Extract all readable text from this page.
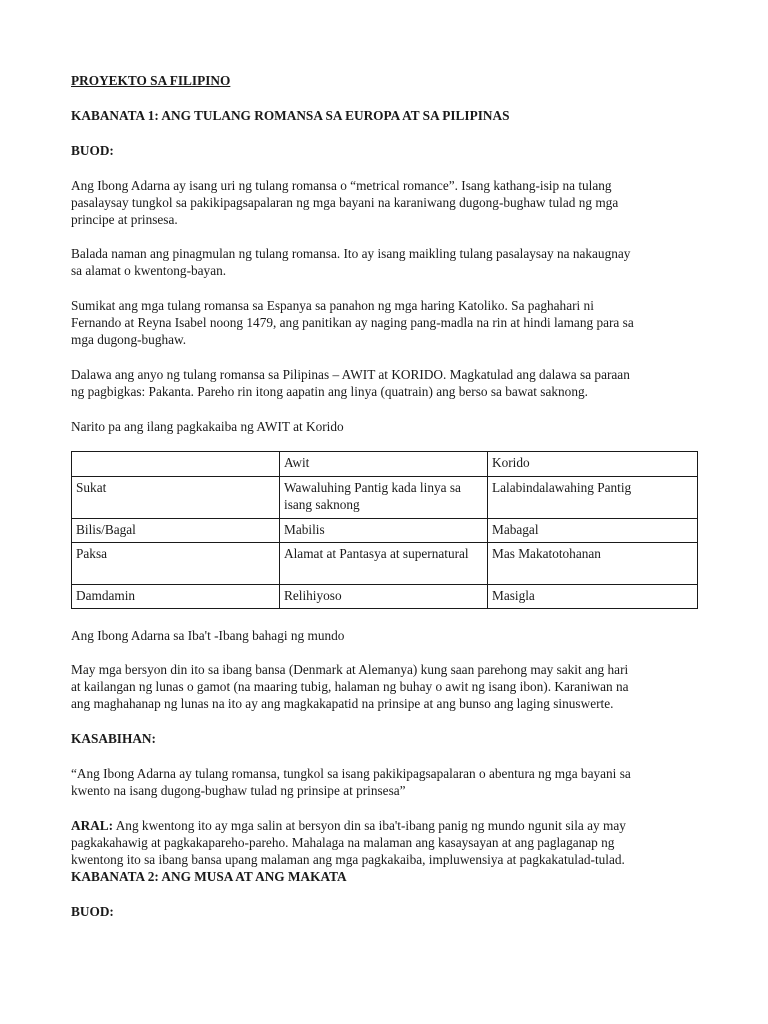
PROYEKTO SA FILIPINO

KABANATA 1: ANG TULANG ROMANSA SA EUROPA AT SA PILIPINAS

BUOD:

Ang Ibong Adarna ay isang uri ng tulang romansa o “metrical romance”. Isang kathang-isip na tulang

pasalaysay tungkol sa pakikipagsapalaran ng mga bayani na karaniwang dugong-bughaw tulad ng mga

principe at prinsesa.

Balada naman ang pinagmulan ng tulang romansa. Ito ay isang maikling tulang pasalaysay na nakaugnay

sa alamat o kwentong-bayan.

Sumikat ang mga tulang romansa sa Espanya sa panahon ng mga haring Katoliko. Sa paghahari ni

Fernando at Reyna Isabel noong 1479, ang panitikan ay naging pang-madla na rin at hindi lamang para sa

mga dugong-bughaw.

Dalawa ang anyo ng tulang romansa sa Pilipinas – AWIT at KORIDO. Magkatulad ang dalawa sa paraan

ng pagbigkas: Pakanta. Pareho rin itong aapatin ang linya (quatrain) ang berso sa bawat saknong.

Narito pa ang ilang pagkakaiba ng AWIT at Korido

	Awit	Korido
Sukat	Wawaluhing Pantig kada linya sa isang saknong	Lalabindalawahing Pantig
Bilis/Bagal	Mabilis	Mabagal
Paksa	Alamat at Pantasya at supernatural	Mas Makatotohanan
Damdamin	Relihiyoso	Masigla

Ang Ibong Adarna sa Iba't -Ibang bahagi ng mundo

May mga bersyon din ito sa ibang bansa (Denmark at Alemanya) kung saan parehong may sakit ang hari

at kailangan ng lunas o gamot (na maaring tubig, halaman ng buhay o awit ng isang ibon). Karaniwan na

ang maghahanap ng lunas na ito ay ang magkakapatid na prinsipe at ang bunso ang laging sinuswerte.

KASABIHAN:

“Ang Ibong Adarna ay tulang romansa, tungkol sa isang pakikipagsapalaran o abentura ng mga bayani sa

kwento na isang dugong-bughaw tulad ng prinsipe at prinsesa”

ARAL: Ang kwentong ito ay mga salin at bersyon din sa iba't-ibang panig ng mundo ngunit sila ay may

pagkakahawig at pagkakapareho-pareho. Mahalaga na malaman ang kasaysayan at ang paglaganap ng

kwentong ito sa ibang bansa upang malaman ang mga pagkakaiba, impluwensiya at pagkakatulad-tulad.

KABANATA 2: ANG MUSA AT ANG MAKATA

BUOD:
